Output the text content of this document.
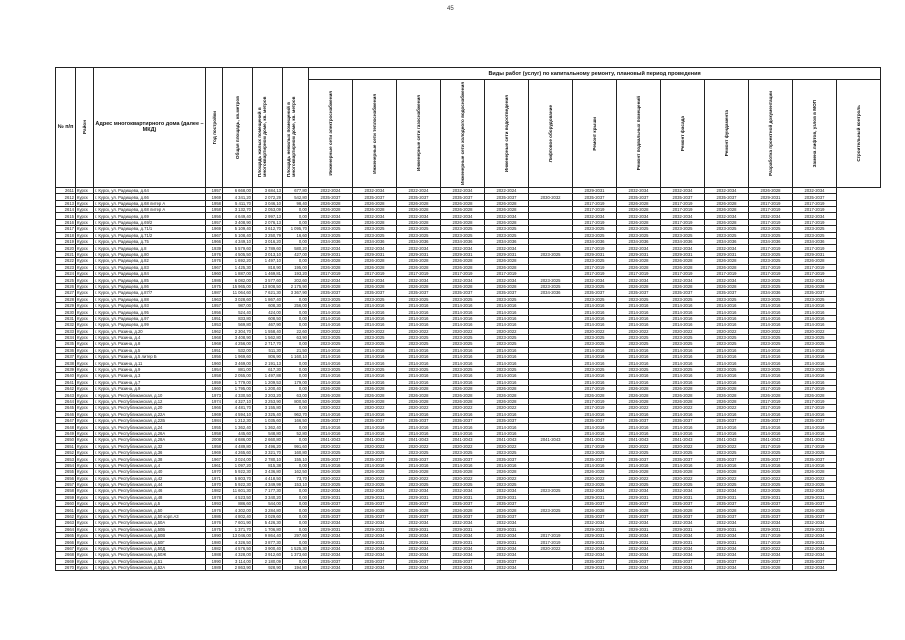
45
№ п/п	Район	Адрес многоквартирного дома (далее – МКД)	Год постройки	Общая площадь, кв.метров	Площадь жилых помещений в многоквартирном доме, кв. метров	Площадь нежилых помещений в многоквартирном доме, кв. метров	Виды работ (услуг) по капитальному ремонту, плановый период проведения												

							Инженерные сети электроснабжения	Инженерные сети теплоснабжения	Инженерные сети газоснабжения	Инженерные сети холодного водоснабжения	Инженерные сети водоотведения	Лифтовое оборудование	Ремонт крыши	Ремонт подвальных помещений	Ремонт фасада	Ремонт фундамента	Разработка проектной документации	Замена лифтов, узлов в МОП	Строительный контроль

2611	Курск	г. Курск, ул. Радищева, д.64	1957	6 668,00	3 684,13	677,80	2022-2024	2032-2034	2022-2024	2032-2034	2022-2024		2029-2031	2032-2034	2032-2034	2032-2034	2026-2028	2032-2034	
2612	Курск	г. Курск, ул. Радищева, д.66	1969	4 341,20	2 072,29	542,80	2035-2037	2035-2037	2035-2037	2035-2037	2035-2037	2030-2032	2035-2037	2035-2037	2035-2037	2035-2037	2029-2031	2035-2037	
2613	Курск	г. Курск, ул. Радищева, д.68 литер А	1958	5 411,70	3 046,10	98,40	2026-2028	2026-2028	2026-2028	2026-2028	2026-2028		2017-2019	2026-2028	2017-2019	2026-2028	2017-2019	2017-2019	
2614	Курск	г. Курск, ул. Радищева, д.68 литер А	1958	3 132,70	2 053,09	0,00	2026-2028	2026-2028	2026-2028	2026-2028	2026-2028		2017-2019	2026-2028	2017-2019	2026-2028	2017-2019	2017-2019	
2615	Курск	г. Курск, ул. Радищева, д.69	1956	4 649,40	2 997,13	0,00	2032-2034	2032-2034	2032-2034	2032-2034	2032-2034		2032-2034	2032-2034	2032-2034	2032-2034	2032-2034	2032-2034	
2616	Курск	г. Курск, ул. Радищева, д.69/2	1957	3 408,90	2 076,13	0,00	2026-2028	2026-2028	2026-2028	2026-2028	2026-2028		2017-2019	2026-2028	2017-2019	2026-2028	2017-2019	2017-2019	
2617	Курск	г. Курск, ул. Радищева, д.71/1	1969	5 109,40	3 612,70	1 095,70	2023-2025	2023-2025	2023-2025	2023-2025	2023-2025		2023-2025	2023-2025	2023-2025	2023-2025	2023-2025	2023-2025	
2618	Курск	г. Курск, ул. Радищева, д.71/2	1967	5 108,40	3 250,79	16,60	2023-2025	2023-2025	2023-2025	2023-2025	2023-2025		2023-2025	2023-2025	2023-2025	2023-2025	2023-2025	2023-2025	
2619	Курск	г. Курск, ул. Радищева, д.75	1966	4 349,10	3 016,20	0,00	2034-2036	2034-2036	2034-2036	2034-2036	2034-2036		2034-2036	2034-2036	2034-2036	2034-2036	2034-2036	2034-2036	
2620	Курск	г. Курск, ул. Радищева, д.8	1939	5 579,60	2 789,60	580,20	2032-2034	2032-2034	2032-2034	2032-2034	2032-2034		2017-2019	2032-2034	2032-2034	2032-2034	2017-2019	2017-2019	
2621	Курск	г. Курск, ул. Радищева, д.80	1976	4 505,50	3 013,10	427,00	2029-2031	2029-2031	2029-2031	2029-2031	2029-2031	2023-2025	2029-2031	2029-2031	2029-2031	2029-2031	2023-2025	2029-2031	
2622	Курск	г. Курск, ул. Радищева, д.82	1976	1 692,20	1 497,10	0,00	2026-2028	2026-2028	2026-2028	2026-2028	2026-2028		2023-2025	2026-2028	2026-2028	2026-2028	2023-2025	2026-2028	
2623	Курск	г. Курск, ул. Радищева, д.83	1967	1 425,30	818,90	195,00	2026-2028	2026-2028	2026-2028	2026-2028	2026-2028		2017-2019	2026-2028	2026-2028	2026-2028	2017-2019	2017-2019	
2624	Курск	г. Курск, ул. Радищева, д.84	1960	1 887,00	1 469,81	193,20	2017-2019	2017-2019	2017-2019	2017-2019	2017-2019		2017-2019	2017-2019	2017-2019	2017-2019	2017-2019	2017-2019	
2625	Курск	г. Курск, ул. Радищева, д.85	1986	6 082,00	3 577,60	202,60	2032-2034	2032-2034	2032-2034	2032-2034	2032-2034	2023-2025	2032-2034	2032-2034	2032-2034	2032-2034	2023-2025	2032-2034	
2626	Курск	г. Курск, ул. Радищева, д.86	1975	15 965,00	13 808,50	2 175,90	2026-2028	2026-2028	2026-2028	2026-2028	2026-2028	2023-2025	2023-2025	2026-2028	2026-2028	2026-2028	2023-2025	2026-2028	
2627	Курск	г. Курск, ул. Радищева, д.87/7	1987	11 064,60	7 621,30	3 367,90	2035-2037	2035-2037	2035-2037	2035-2037	2035-2037	2034-2036	2035-2037	2035-2037	2035-2037	2035-2037	2034-2036	2035-2037	
2628	Курск	г. Курск, ул. Радищева, д.88	1963	3 028,60	1 867,40	0,00	2023-2025	2023-2025	2023-2025	2023-2025	2023-2025		2023-2025	2023-2025	2023-2025	2023-2025	2023-2025	2023-2025	
2629	Курск	г. Курск, ул. Радищева, д.93	1957	987,00	608,30	256,00	2014-2016	2014-2016	2014-2016	2014-2016	2014-2016		2014-2016	2014-2016	2014-2016	2014-2016	2014-2016	2014-2016	
2630	Курск	г. Курск, ул. Радищева, д.95	1956	524,40	424,00	0,00	2014-2016	2014-2016	2014-2016	2014-2016	2014-2016		2014-2016	2014-2016	2014-2016	2014-2016	2014-2016	2014-2016	
2631	Курск	г. Курск, ул. Радищева, д.97	1951	833,80	608,50	0,00	2014-2016	2014-2016	2014-2016	2014-2016	2014-2016		2014-2016	2014-2016	2014-2016	2014-2016	2014-2016	2014-2016	
2632	Курск	г. Курск, ул. Радищева, д.99	1953	569,80	467,90	0,00	2014-2016	2014-2016	2014-2016	2014-2016	2014-2016		2014-2016	2014-2016	2014-2016	2014-2016	2014-2016	2014-2016	
2633	Курск	г. Курск, ул. Разина, д.20	1962	2 304,70	1 558,40	22,60	2020-2022	2020-2022	2020-2022	2020-2022	2020-2022		2020-2022	2020-2022	2020-2022	2020-2022	2020-2022	2020-2022	
2634	Курск	г. Курск, ул. Разина, д.4	1968	3 408,90	1 562,80	63,90	2023-2025	2023-2025	2023-2025	2023-2025	2023-2025		2023-2025	2023-2025	2023-2025	2023-2025	2023-2025	2023-2025	
2635	Курск	г. Курск, ул. Разина, д.8	1968	4 256,00	2 717,70	0,00	2023-2025	2023-2025	2023-2025	2023-2025	2023-2025		2023-2025	2023-2025	2023-2025	2023-2025	2023-2025	2023-2025	
2636	Курск	г. Курск, ул. Разина, д.5	1951	532,00	511,30	21,50	2014-2016	2014-2016	2014-2016	2014-2016	2014-2016		2014-2016	2014-2016	2014-2016	2014-2016	2014-2016	2014-2016	
2637	Курск	г. Курск, ул. Разина, д.5 литер Б	1956	1 969,60	806,90	1 160,10	2014-2016	2014-2016	2014-2016	2014-2016	2014-2016		2014-2016	2014-2016	2014-2016	2014-2016	2014-2016	2014-2016	
2638	Курск	г. Курск, ул. Разина, д.11	1960	3 469,00	2 191,13	0,00	2014-2016	2014-2016	2014-2016	2014-2016	2014-2016		2014-2016	2014-2016	2014-2016	2014-2016	2014-2016	2014-2016	
2639	Курск	г. Курск, ул. Разина, д.9	1954	881,00	617,30	0,00	2023-2025	2023-2025	2023-2025	2023-2025	2023-2025		2023-2025	2023-2025	2023-2025	2023-2025	2023-2025	2023-2025	
2640	Курск	г. Курск, ул. Разина, д.3	1958	2 055,00	1 497,88	0,00	2014-2016	2014-2016	2014-2016	2014-2016	2014-2016		2014-2016	2014-2016	2014-2016	2014-2016	2014-2016	2014-2016	
2641	Курск	г. Курск, ул. Разина, д.7	1959	1 779,00	1 209,53	179,00	2014-2016	2014-2016	2014-2016	2014-2016	2014-2016		2014-2016	2014-2016	2014-2016	2014-2016	2014-2016	2014-2016	
2642	Курск	г. Курск, ул. Разина, д.9	1960	1 795,00	1 200,40	0,00	2026-2028	2026-2028	2026-2028	2026-2028	2026-2028		2017-2019	2026-2028	2026-2028	2026-2028	2017-2019	2017-2019	
2643	Курск	г. Курск, ул. Республиканская, д.10	1973	4 330,50	3 203,20	63,00	2026-2028	2026-2028	2026-2028	2026-2028	2026-2028		2026-2028	2026-2028	2026-2028	2026-2028	2026-2028	2026-2028	
2644	Курск	г. Курск, ул. Республиканская, д.12	1974	4 327,10	3 253,90	800,50	2026-2028	2026-2028	2026-2028	2026-2028	2026-2028		2017-2019	2026-2028	2026-2028	2026-2028	2017-2019	2017-2019	
2645	Курск	г. Курск, ул. Республиканская, д.20	1966	4 481,70	3 155,80	0,00	2020-2022	2020-2022	2020-2022	2020-2022	2020-2022		2017-2019	2020-2022	2020-2022	2020-2022	2017-2019	2017-2019	
2646	Курск	г. Курск, ул. Республиканская, д.22А	1969	4 594,10	3 325,40	962,70	2014-2016	2014-2016	2014-2016	2014-2016	2014-2016		2014-2016	2014-2016	2014-2016	2014-2016	2014-2016	2014-2016	
2647	Курск	г. Курск, ул. Республиканская, д.22Б	1984	1 212,30	1 035,60	166,50	2035-2037	2035-2037	2035-2037	2035-2037	2035-2037		2035-2037	2035-2037	2035-2037	2035-2037	2035-2037	2035-2037	
2648	Курск	г. Курск, ул. Республиканская, д.24	1955	1 362,40	1 362,40	0,00	2014-2016	2014-2016	2014-2016	2014-2016	2014-2016		2014-2016	2014-2016	2014-2016	2014-2016	2014-2016	2014-2016	
2649	Курск	г. Курск, ул. Республиканская, д.26А	1958	445,60	548,80	52,80	2014-2016	2014-2016	2014-2016	2014-2016	2014-2016		2014-2016	2014-2016	2014-2016	2014-2016	2014-2016	2014-2016	
2650	Курск	г. Курск, ул. Республиканская, д.28А	2008	4 686,00	2 660,80	0,00	2041-2043	2041-2043	2041-2043	2041-2043	2041-2043	2041-2043	2041-2043	2041-2043	2041-2043	2041-2043	2041-2043	2041-2043	
2651	Курск	г. Курск, ул. Республиканская, д.32	1958	4 489,80	3 496,20	991,60	2020-2022	2020-2022	2020-2022	2020-2022	2020-2022		2017-2019	2020-2022	2020-2022	2020-2022	2017-2019	2017-2019	
2652	Курск	г. Курск, ул. Республиканская, д.36	1969	4 265,60	3 321,70	160,80	2023-2025	2023-2025	2023-2025	2023-2025	2023-2025		2023-2025	2023-2025	2023-2025	2023-2025	2023-2025	2023-2025	
2653	Курск	г. Курск, ул. Республиканская, д.38	1967	3 024,00	2 780,10	155,10	2035-2037	2035-2037	2035-2037	2035-2037	2035-2037		2035-2037	2035-2037	2035-2037	2035-2037	2035-2037	2035-2037	
2654	Курск	г. Курск, ул. Республиканская, д.4	1961	1 097,20	815,38	0,00	2014-2016	2014-2016	2014-2016	2014-2016	2014-2016		2014-2016	2014-2016	2014-2016	2014-2016	2014-2016	2014-2016	
2655	Курск	г. Курск, ул. Республиканская, д.40	1970	5 922,30	3 436,80	162,50	2026-2028	2026-2028	2026-2028	2026-2028	2026-2028		2026-2028	2026-2028	2026-2028	2026-2028	2026-2028	2026-2028	
2656	Курск	г. Курск, ул. Республиканская, д.42	1971	5 803,70	4 418,50	73,70	2020-2022	2020-2022	2020-2022	2020-2022	2020-2022		2020-2022	2020-2022	2020-2022	2020-2022	2020-2022	2020-2022	
2657	Курск	г. Курск, ул. Республиканская, д.44	1970	5 922,30	4 349,99	153,10	2023-2025	2023-2025	2023-2025	2023-2025	2023-2025		2023-2025	2023-2025	2023-2025	2023-2025	2023-2025	2023-2025	
2658	Курск	г. Курск, ул. Республиканская, д.46	1982	11 601,30	7 177,30	0,00	2032-2034	2032-2034	2032-2034	2032-2034	2032-2034	2023-2025	2032-2034	2032-2034	2032-2034	2032-2034	2023-2025	2032-2034	
2659	Курск	г. Курск, ул. Республиканская, д.48	1978	4 523,50	3 340,20	0,00	2029-2031	2029-2031	2029-2031	2029-2031	2029-2031		2029-2031	2029-2031	2029-2031	2029-2031	2029-2031	2029-2031	
2660	Курск	г. Курск, ул. Республиканская, д.5	1993	886,60	544,00	0,00	2035-2037	2035-2037	2035-2037	2035-2037	2035-2037		2035-2037	2035-2037	2035-2037	2035-2037	2035-2037	2035-2037	
2661	Курск	г. Курск, ул. Республиканская, д.50	1976	4 302,00	3 284,80	0,00	2026-2028	2026-2028	2026-2028	2026-2028	2026-2028	2023-2025	2026-2028	2026-2028	2026-2028	2026-2028	2023-2025	2026-2028	
2662	Курск	г. Курск, ул. Республиканская, д.50 корп.А3	1986	4 802,40	3 029,60	0,00	2035-2037	2035-2037	2035-2037	2035-2037	2035-2037		2035-2037	2035-2037	2035-2037	2035-2037	2035-2037	2035-2037	
2663	Курск	г. Курск, ул. Республиканская, д.50А	1976	7 601,90	5 426,30	0,00	2032-2034	2032-2034	2032-2034	2032-2034	2032-2034		2032-2034	2032-2034	2032-2034	2032-2034	2032-2034	2032-2034	
2664	Курск	г. Курск, ул. Республиканская, д.50Б	1975	1 371,70	1 706,80	0,00	2029-2031	2029-2031	2029-2031	2029-2031	2029-2031		2029-2031	2029-2031	2029-2031	2029-2031	2029-2031	2029-2031	
2665	Курск	г. Курск, ул. Республиканская, д.50В	1990	13 046,00	9 864,40	297,60	2032-2034	2032-2034	2032-2034	2032-2034	2032-2034	2017-2019	2029-2031	2032-2034	2032-2034	2032-2034	2017-2019	2032-2034	
2666	Курск	г. Курск, ул. Республиканская, д.50Г	1980	4 326,50	3 877,30	0,00	2029-2031	2029-2031	2029-2031	2029-2031	2029-2031	2017-2019	2029-2031	2029-2031	2029-2031	2029-2031	2017-2019	2029-2031	
2667	Курск	г. Курск, ул. Республиканская, д.50Д	1982	4 576,50	3 900,40	1 525,30	2032-2034	2032-2034	2032-2034	2032-2034	2032-2034	2020-2022	2032-2034	2032-2034	2032-2034	2032-2034	2020-2022	2032-2034	
2668	Курск	г. Курск, ул. Республиканская, д.50Ж	1988	4 328,00	3 912,60	1 373,60	2032-2034	2032-2034	2032-2034	2032-2034	2032-2034		2032-2034	2032-2034	2032-2034	2032-2034	2032-2034	2032-2034	
2669	Курск	г. Курск, ул. Республиканская, д.51	1990	3 114,00	2 180,09	0,00	2035-2037	2035-2037	2035-2037	2035-2037	2035-2037		2035-2037	2035-2037	2035-2037	2035-2037	2035-2037	2035-2037	
2670	Курск	г. Курск, ул. Республиканская, д.52А	1989	2 863,90	928,90	194,80	2032-2034	2032-2034	2032-2034	2032-2034	2032-2034		2029-2031	2032-2034	2032-2034	2032-2034	2026-2028	2032-2034	
